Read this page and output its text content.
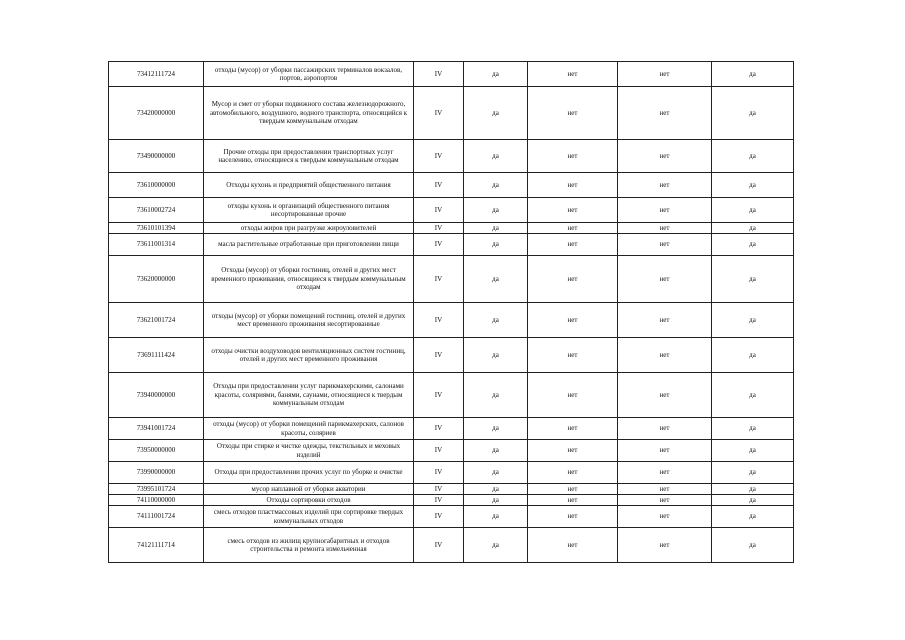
73412111724	отходы (мусор) от уборки пассажирских терминалов вокзалов, портов, аэропортов	IV	да	нет	нет	да
73420000000	Мусор и смет от уборки подвижного состава железнодорожного, автомобильного, воздушного, водного транспорта, относящийся к твердым коммунальным отходам	IV	да	нет	нет	да
73490000000	Прочие отходы при предоставлении транспортных услуг населению, относящиеся к твердым коммунальным отходам	IV	да	нет	нет	да
73610000000	Отходы кухонь и предприятий общественного питания	IV	да	нет	нет	да
73610002724	отходы кухонь и организаций общественного питания несортированные прочие	IV	да	нет	нет	да
73610101394	отходы жиров при разгрузке жироуловителей	IV	да	нет	нет	да
73611001314	масла растительные отработанные при приготовлении пищи	IV	да	нет	нет	да
73620000000	Отходы (мусор) от уборки гостиниц, отелей и других мест временного проживания, относящиеся к твердым коммунальным отходам	IV	да	нет	нет	да
73621001724	отходы (мусор) от уборки помещений гостиниц, отелей и других мест временного проживания несортированные	IV	да	нет	нет	да
73691111424	отходы очистки воздуховодов вентиляционных систем гостиниц, отелей и других мест временного проживания	IV	да	нет	нет	да
73940000000	Отходы при предоставлении услуг парикмахерскими, салонами красоты, соляриями, банями, саунами, относящиеся к твердым коммунальным отходам	IV	да	нет	нет	да
73941001724	отходы (мусор) от уборки помещений парикмахерских, салонов красоты, соляриев	IV	да	нет	нет	да
73950000000	Отходы при стирке и чистке одежды, текстильных и меховых изделий	IV	да	нет	нет	да
73990000000	Отходы при предоставлении прочих услуг по уборке и очистке	IV	да	нет	нет	да
73995101724	мусор наплавной от уборки акватории	IV	да	нет	нет	да
74110000000	Отходы сортировки отходов	IV	да	нет	нет	да
74111001724	смесь отходов пластмассовых изделий при сортировке твердых коммунальных отходов	IV	да	нет	нет	да
74121111714	смесь отходов из жилищ крупногабаритных и отходов строительства и ремонта измельченная	IV	да	нет	нет	да
